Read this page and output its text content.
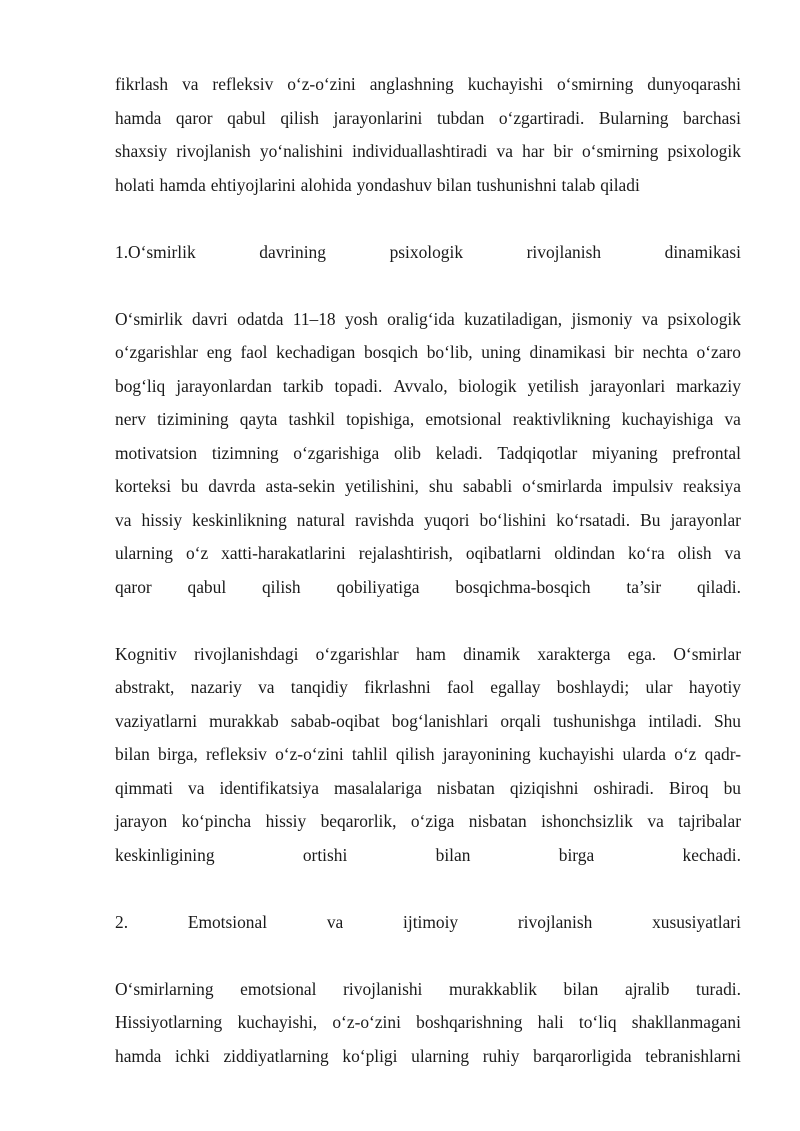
fikrlash va refleksiv o‘z-o‘zini anglashning kuchayishi o‘smirning dunyoqarashi
hamda qaror qabul qilish jarayonlarini tubdan o‘zgartiradi. Bularning barchasi
shaxsiy rivojlanish yo‘nalishini individuallashtiradi va har bir o‘smirning psixologik
holati hamda ehtiyojlarini alohida yondashuv bilan tushunishni talab qiladi
1.O‘smirlik	davrining	psixologik	rivojlanish	dinamikasi
O‘smirlik davri odatda 11–18 yosh oralig‘ida kuzatiladigan, jismoniy va psixologik
o‘zgarishlar eng faol kechadigan bosqich bo‘lib, uning dinamikasi bir nechta o‘zaro
bog‘liq jarayonlardan tarkib topadi. Avvalo, biologik yetilish jarayonlari markaziy
nerv tizimining qayta tashkil topishiga, emotsional reaktivlikning kuchayishiga va
motivatsion tizimning o‘zgarishiga olib keladi. Tadqiqotlar miyaning prefrontal
korteksi bu davrda asta-sekin yetilishini, shu sababli o‘smirlarda impulsiv reaksiya
va hissiy keskinlikning natural ravishda yuqori bo‘lishini ko‘rsatadi. Bu jarayonlar
ularning o‘z xatti-harakatlarini rejalashtirish, oqibatlarni oldindan ko‘ra olish va
qaror qabul qilish qobiliyatiga bosqichma-bosqich ta’sir qiladi.
Kognitiv rivojlanishdagi o‘zgarishlar ham dinamik xarakterga ega. O‘smirlar
abstrakt, nazariy va tanqidiy fikrlashni faol egallay boshlaydi; ular hayotiy
vaziyatlarni murakkab sabab-oqibat bog‘lanishlari orqali tushunishga intiladi. Shu
bilan birga, refleksiv o‘z-o‘zini tahlil qilish jarayonining kuchayishi ularda o‘z qadr-
qimmati va identifikatsiya masalalariga nisbatan qiziqishni oshiradi. Biroq bu
jarayon ko‘pincha hissiy beqarorlik, o‘ziga nisbatan ishonchsizlik va tajribalar
keskinligining	ortishi	bilan	birga	kechadi.
2.	Emotsional	va	ijtimoiy	rivojlanish	xususiyatlari
O‘smirlarning emotsional rivojlanishi murakkablik bilan ajralib turadi.
Hissiyotlarning kuchayishi, o‘z-o‘zini boshqarishning hali to‘liq shakllanmagani
hamda ichki ziddiyatlarning ko‘pligi ularning ruhiy barqarorligida tebranishlarni
